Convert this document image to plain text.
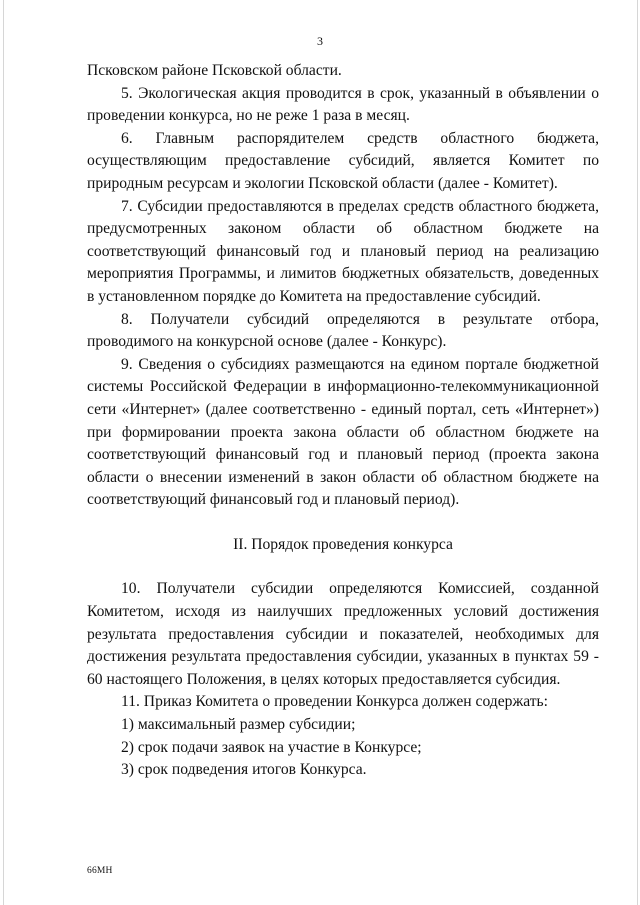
3

Псковском районе Псковской области.

5. Экологическая акция проводится в срок, указанный в объявлении о проведении конкурса, но не реже 1 раза в месяц.

6. Главным распорядителем средств областного бюджета, осуществляющим предоставление субсидий, является Комитет по природным ресурсам и экологии Псковской области (далее - Комитет).

7. Субсидии предоставляются в пределах средств областного бюджета, предусмотренных законом области об областном бюджете на соответствующий финансовый год и плановый период на реализацию мероприятия Программы, и лимитов бюджетных обязательств, доведенных в установленном порядке до Комитета на предоставление субсидий.

8. Получатели субсидий определяются в результате отбора, проводимого на конкурсной основе (далее - Конкурс).

9. Сведения о субсидиях размещаются на едином портале бюджетной системы Российской Федерации в информационно-телекоммуникационной сети «Интернет» (далее соответственно - единый портал, сеть «Интернет») при формировании проекта закона области об областном бюджете на соответствующий финансовый год и плановый период (проекта закона области о внесении изменений в закон области об областном бюджете на соответствующий финансовый год и плановый период).

II. Порядок проведения конкурса

10. Получатели субсидии определяются Комиссией, созданной Комитетом, исходя из наилучших предложенных условий достижения результата предоставления субсидии и показателей, необходимых для достижения результата предоставления субсидии, указанных в пунктах 59 - 60 настоящего Положения, в целях которых предоставляется субсидия.

11. Приказ Комитета о проведении Конкурса должен содержать:

1) максимальный размер субсидии;

2) срок подачи заявок на участие в Конкурсе;

3) срок подведения итогов Конкурса.

66МН
